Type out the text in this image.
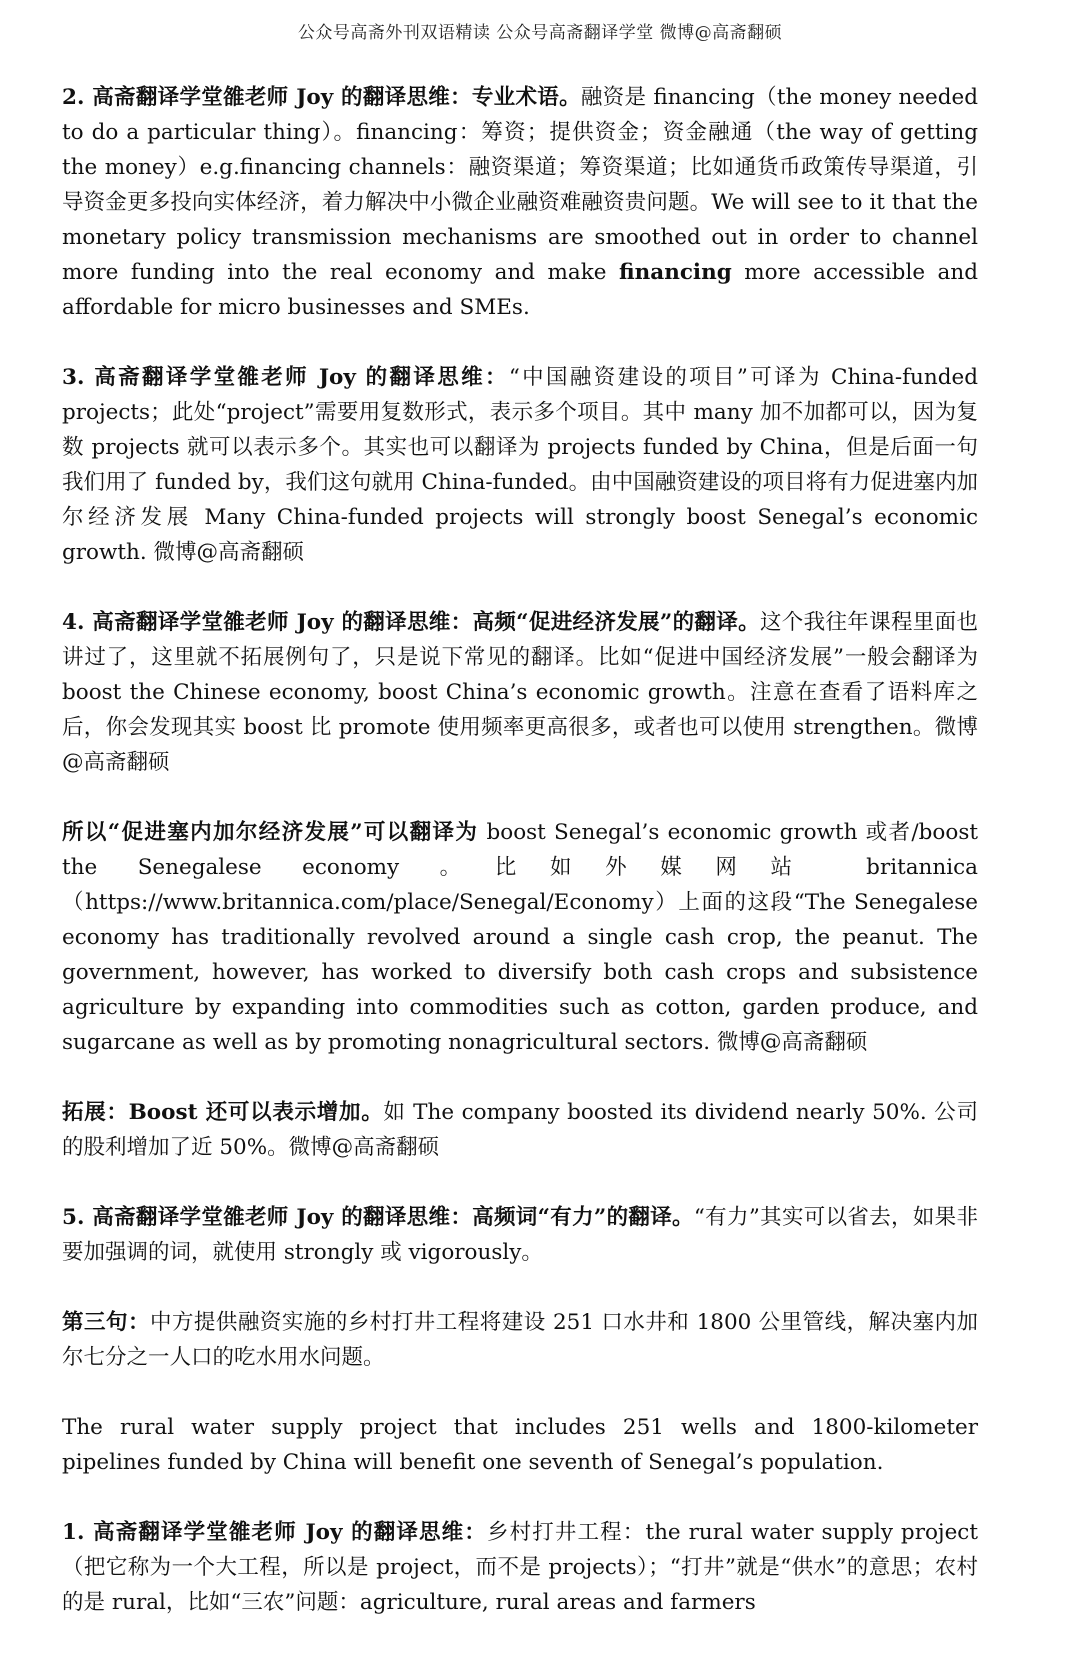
公众号高斋外刊双语精读 公众号高斋翻译学堂 微博@高斋翻硕

2. 高斋翻译学堂雒老师 Joy 的翻译思维：专业术语。融资是 financing（the money needed to do a particular thing）。financing：筹资；提供资金；资金融通（the way of getting the money）e.g.financing channels：融资渠道；筹资渠道；比如通货币政策传导渠道，引导资金更多投向实体经济，着力解决中小微企业融资难融资贵问题。We will see to it that the monetary policy transmission mechanisms are smoothed out in order to channel more funding into the real economy and make financing more accessible and affordable for micro businesses and SMEs.

3. 高斋翻译学堂雒老师 Joy 的翻译思维：“中国融资建设的项目”可译为 China-funded projects；此处“project”需要用复数形式，表示多个项目。其中 many 加不加都可以，因为复数 projects 就可以表示多个。其实也可以翻译为 projects funded by China，但是后面一句我们用了 funded by，我们这句就用 China-funded。由中国融资建设的项目将有力促进塞内加尔经济发展 Many China-funded projects will strongly boost Senegal’s economic growth. 微博@高斋翻硕

4. 高斋翻译学堂雒老师 Joy 的翻译思维：高频“促进经济发展”的翻译。这个我往年课程里面也讲过了，这里就不拓展例句了，只是说下常见的翻译。比如“促进中国经济发展”一般会翻译为 boost the Chinese economy, boost China’s economic growth。注意在查看了语料库之后，你会发现其实 boost 比 promote 使用频率更高很多，或者也可以使用 strengthen。微博@高斋翻硕

所以“促进塞内加尔经济发展”可以翻译为 boost Senegal’s economic growth 或者/boost the Senegalese economy 。比如外媒网站 britannica（https://www.britannica.com/place/Senegal/Economy）上面的这段“The Senegalese economy has traditionally revolved around a single cash crop, the peanut. The government, however, has worked to diversify both cash crops and subsistence agriculture by expanding into commodities such as cotton, garden produce, and sugarcane as well as by promoting nonagricultural sectors. 微博@高斋翻硕

拓展：Boost 还可以表示增加。如 The company boosted its dividend nearly 50%. 公司的股利增加了近 50%。微博@高斋翻硕

5. 高斋翻译学堂雒老师 Joy 的翻译思维：高频词“有力”的翻译。“有力”其实可以省去，如果非要加强调的词，就使用 strongly 或 vigorously。

第三句：中方提供融资实施的乡村打井工程将建设 251 口水井和 1800 公里管线，解决塞内加尔七分之一人口的吃水用水问题。

The rural water supply project that includes 251 wells and 1800-kilometer pipelines funded by China will benefit one seventh of Senegal’s population.

1. 高斋翻译学堂雒老师 Joy 的翻译思维：乡村打井工程：the rural water supply project（把它称为一个大工程，所以是 project，而不是 projects）；“打井”就是“供水”的意思；农村的是 rural，比如“三农”问题：agriculture, rural areas and farmers
